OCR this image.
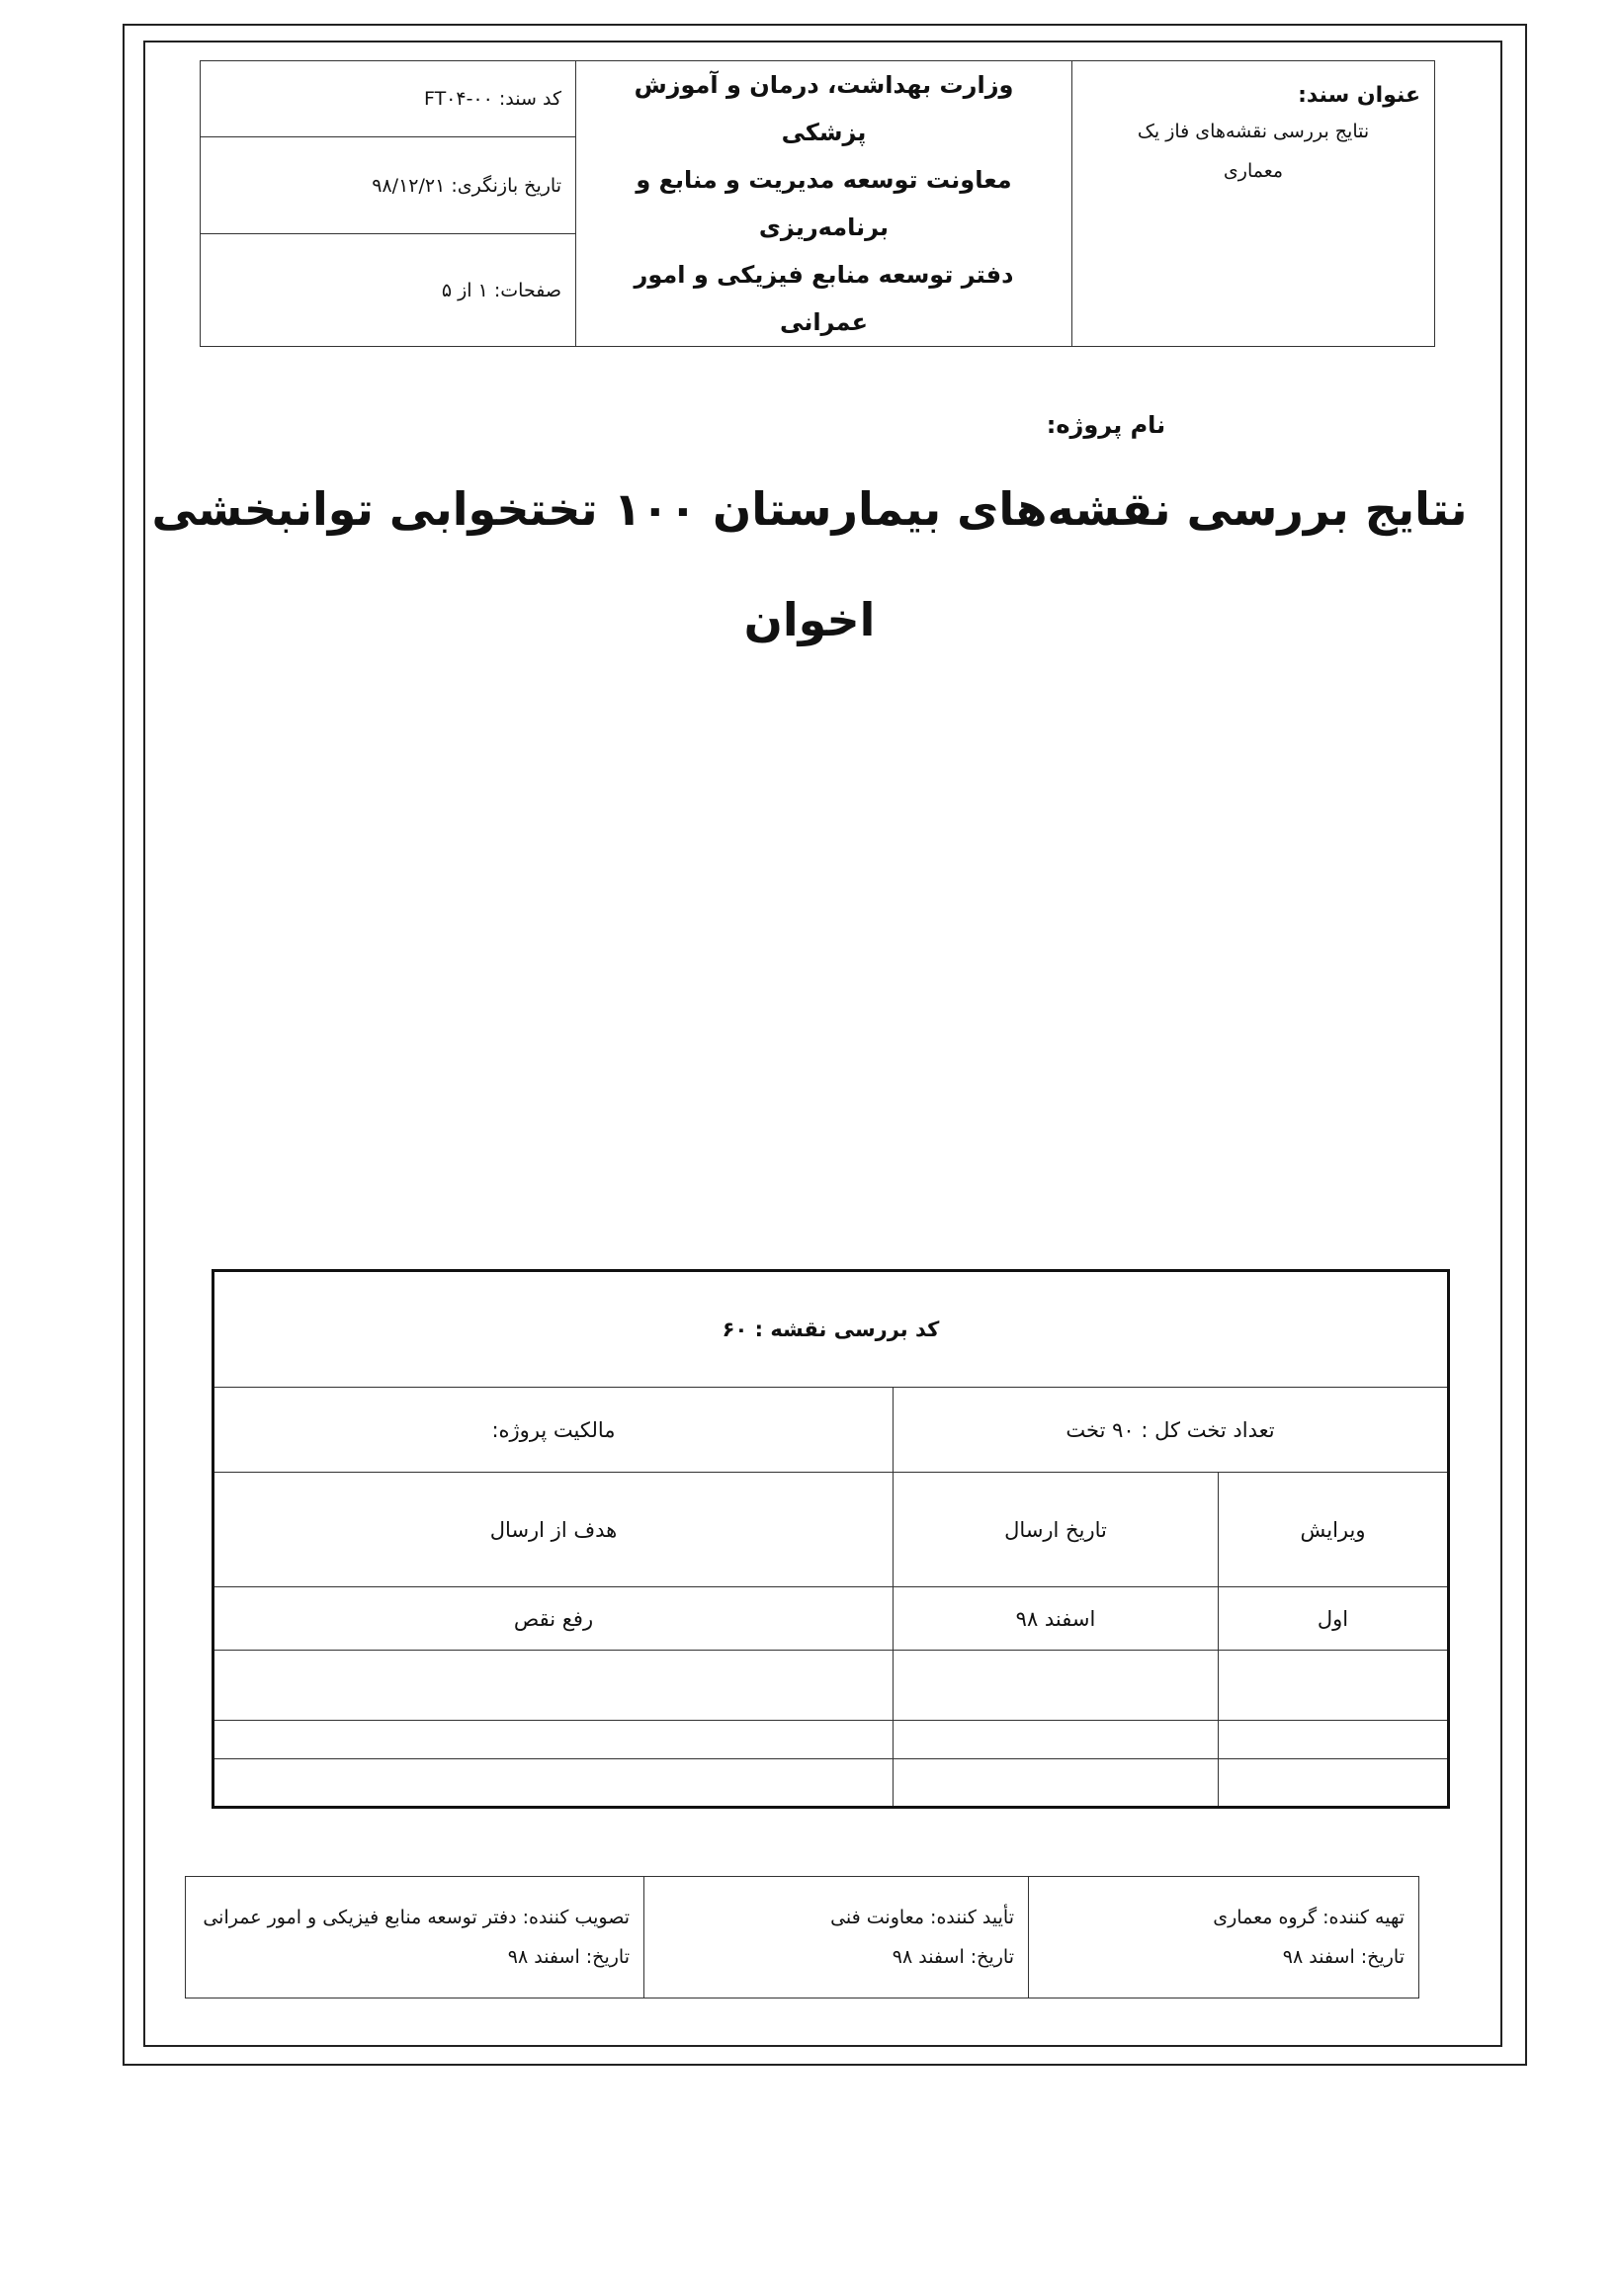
عنوان سند:
نتایج بررسی نقشه‌های فاز یک معماری

وزارت بهداشت، درمان و آموزش پزشکی
معاونت توسعه مدیریت و منابع و برنامه‌ریزی
دفتر توسعه منابع فیزیکی و امور عمرانی
	کد سند: FT۰۴-۰۰
تاریخ بازنگری: ۹۸/۱۲/۲۱
صفحات: ۱ از ۵
نام پروژه:
نتایج بررسی نقشه‌های بیمارستان ۱۰۰ تختخوابی توانبخشی
اخوان
کد بررسی نقشه : ۶۰		
تعداد تخت کل : ۹۰ تخت		مالکیت پروژه:
ویرایش	تاریخ ارسال	هدف از ارسال
اول	اسفند ۹۸	رفع نقص

تهیه کننده: گروه معماری
تاریخ: اسفند ۹۸

تأیید کننده: معاونت فنی
تاریخ: اسفند ۹۸

تصویب کننده: دفتر توسعه منابع فیزیکی و امور عمرانی
تاریخ: اسفند ۹۸
